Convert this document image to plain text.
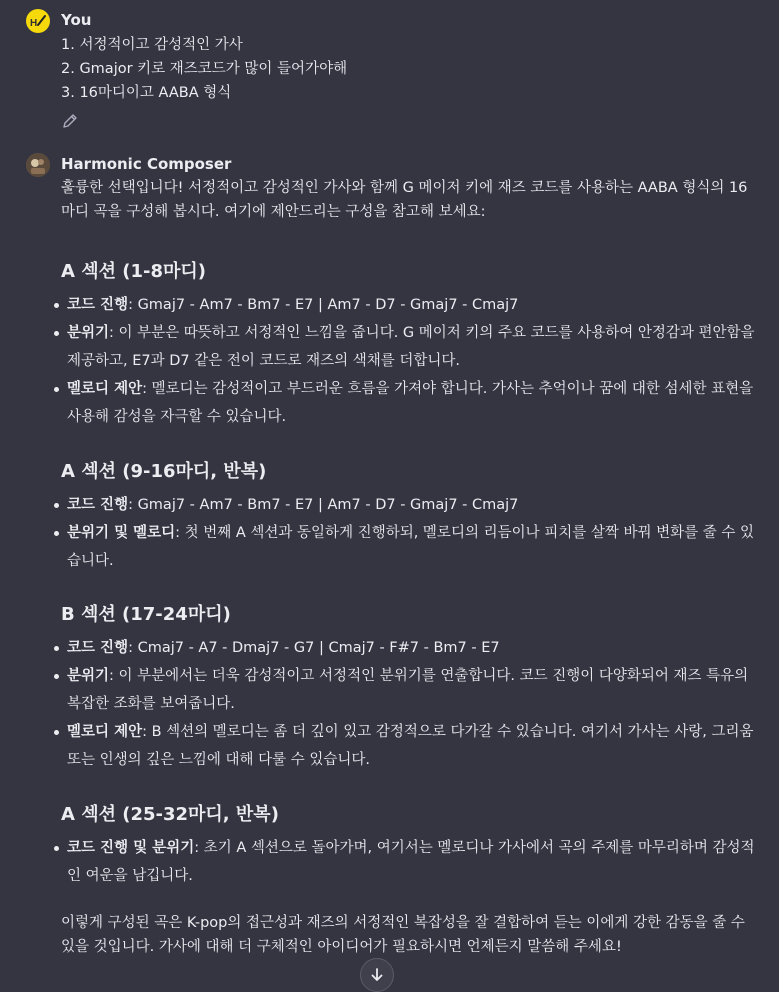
H You
1. 서정적이고 감성적인 가사
2. Gmajor 키로 재즈코드가 많이 들어가야해
3. 16마디이고 AABA 형식
Harmonic Composer
훌륭한 선택입니다! 서정적이고 감성적인 가사와 함께 G 메이저 키에 재즈 코드를 사용하는 AABA 형식의 16마디 곡을 구성해 봅시다. 여기에 제안드리는 구성을 참고해 보세요:
A 섹션 (1-8마디)
코드 진행: Gmaj7 - Am7 - Bm7 - E7 | Am7 - D7 - Gmaj7 - Cmaj7
분위기: 이 부분은 따뜻하고 서정적인 느낌을 줍니다. G 메이저 키의 주요 코드를 사용하여 안정감과 편안함을 제공하고, E7과 D7 같은 전이 코드로 재즈의 색채를 더합니다.
멜로디 제안: 멜로디는 감성적이고 부드러운 흐름을 가져야 합니다. 가사는 추억이나 꿈에 대한 섬세한 표현을 사용해 감성을 자극할 수 있습니다.
A 섹션 (9-16마디, 반복)
코드 진행: Gmaj7 - Am7 - Bm7 - E7 | Am7 - D7 - Gmaj7 - Cmaj7
분위기 및 멜로디: 첫 번째 A 섹션과 동일하게 진행하되, 멜로디의 리듬이나 피치를 살짝 바꿔 변화를 줄 수 있습니다.
B 섹션 (17-24마디)
코드 진행: Cmaj7 - A7 - Dmaj7 - G7 | Cmaj7 - F#7 - Bm7 - E7
분위기: 이 부분에서는 더욱 감성적이고 서정적인 분위기를 연출합니다. 코드 진행이 다양화되어 재즈 특유의 복잡한 조화를 보여줍니다.
멜로디 제안: B 섹션의 멜로디는 좀 더 깊이 있고 감정적으로 다가갈 수 있습니다. 여기서 가사는 사랑, 그리움 또는 인생의 깊은 느낌에 대해 다룰 수 있습니다.
A 섹션 (25-32마디, 반복)
코드 진행 및 분위기: 초기 A 섹션으로 돌아가며, 여기서는 멜로디나 가사에서 곡의 주제를 마무리하며 감성적인 여운을 남깁니다.
이렇게 구성된 곡은 K-pop의 접근성과 재즈의 서정적인 복잡성을 잘 결합하여 듣는 이에게 강한 감동을 줄 수 있을 것입니다. 가사에 대해 더 구체적인 아이디어가 필요하시면 언제든지 말씀해 주세요!
